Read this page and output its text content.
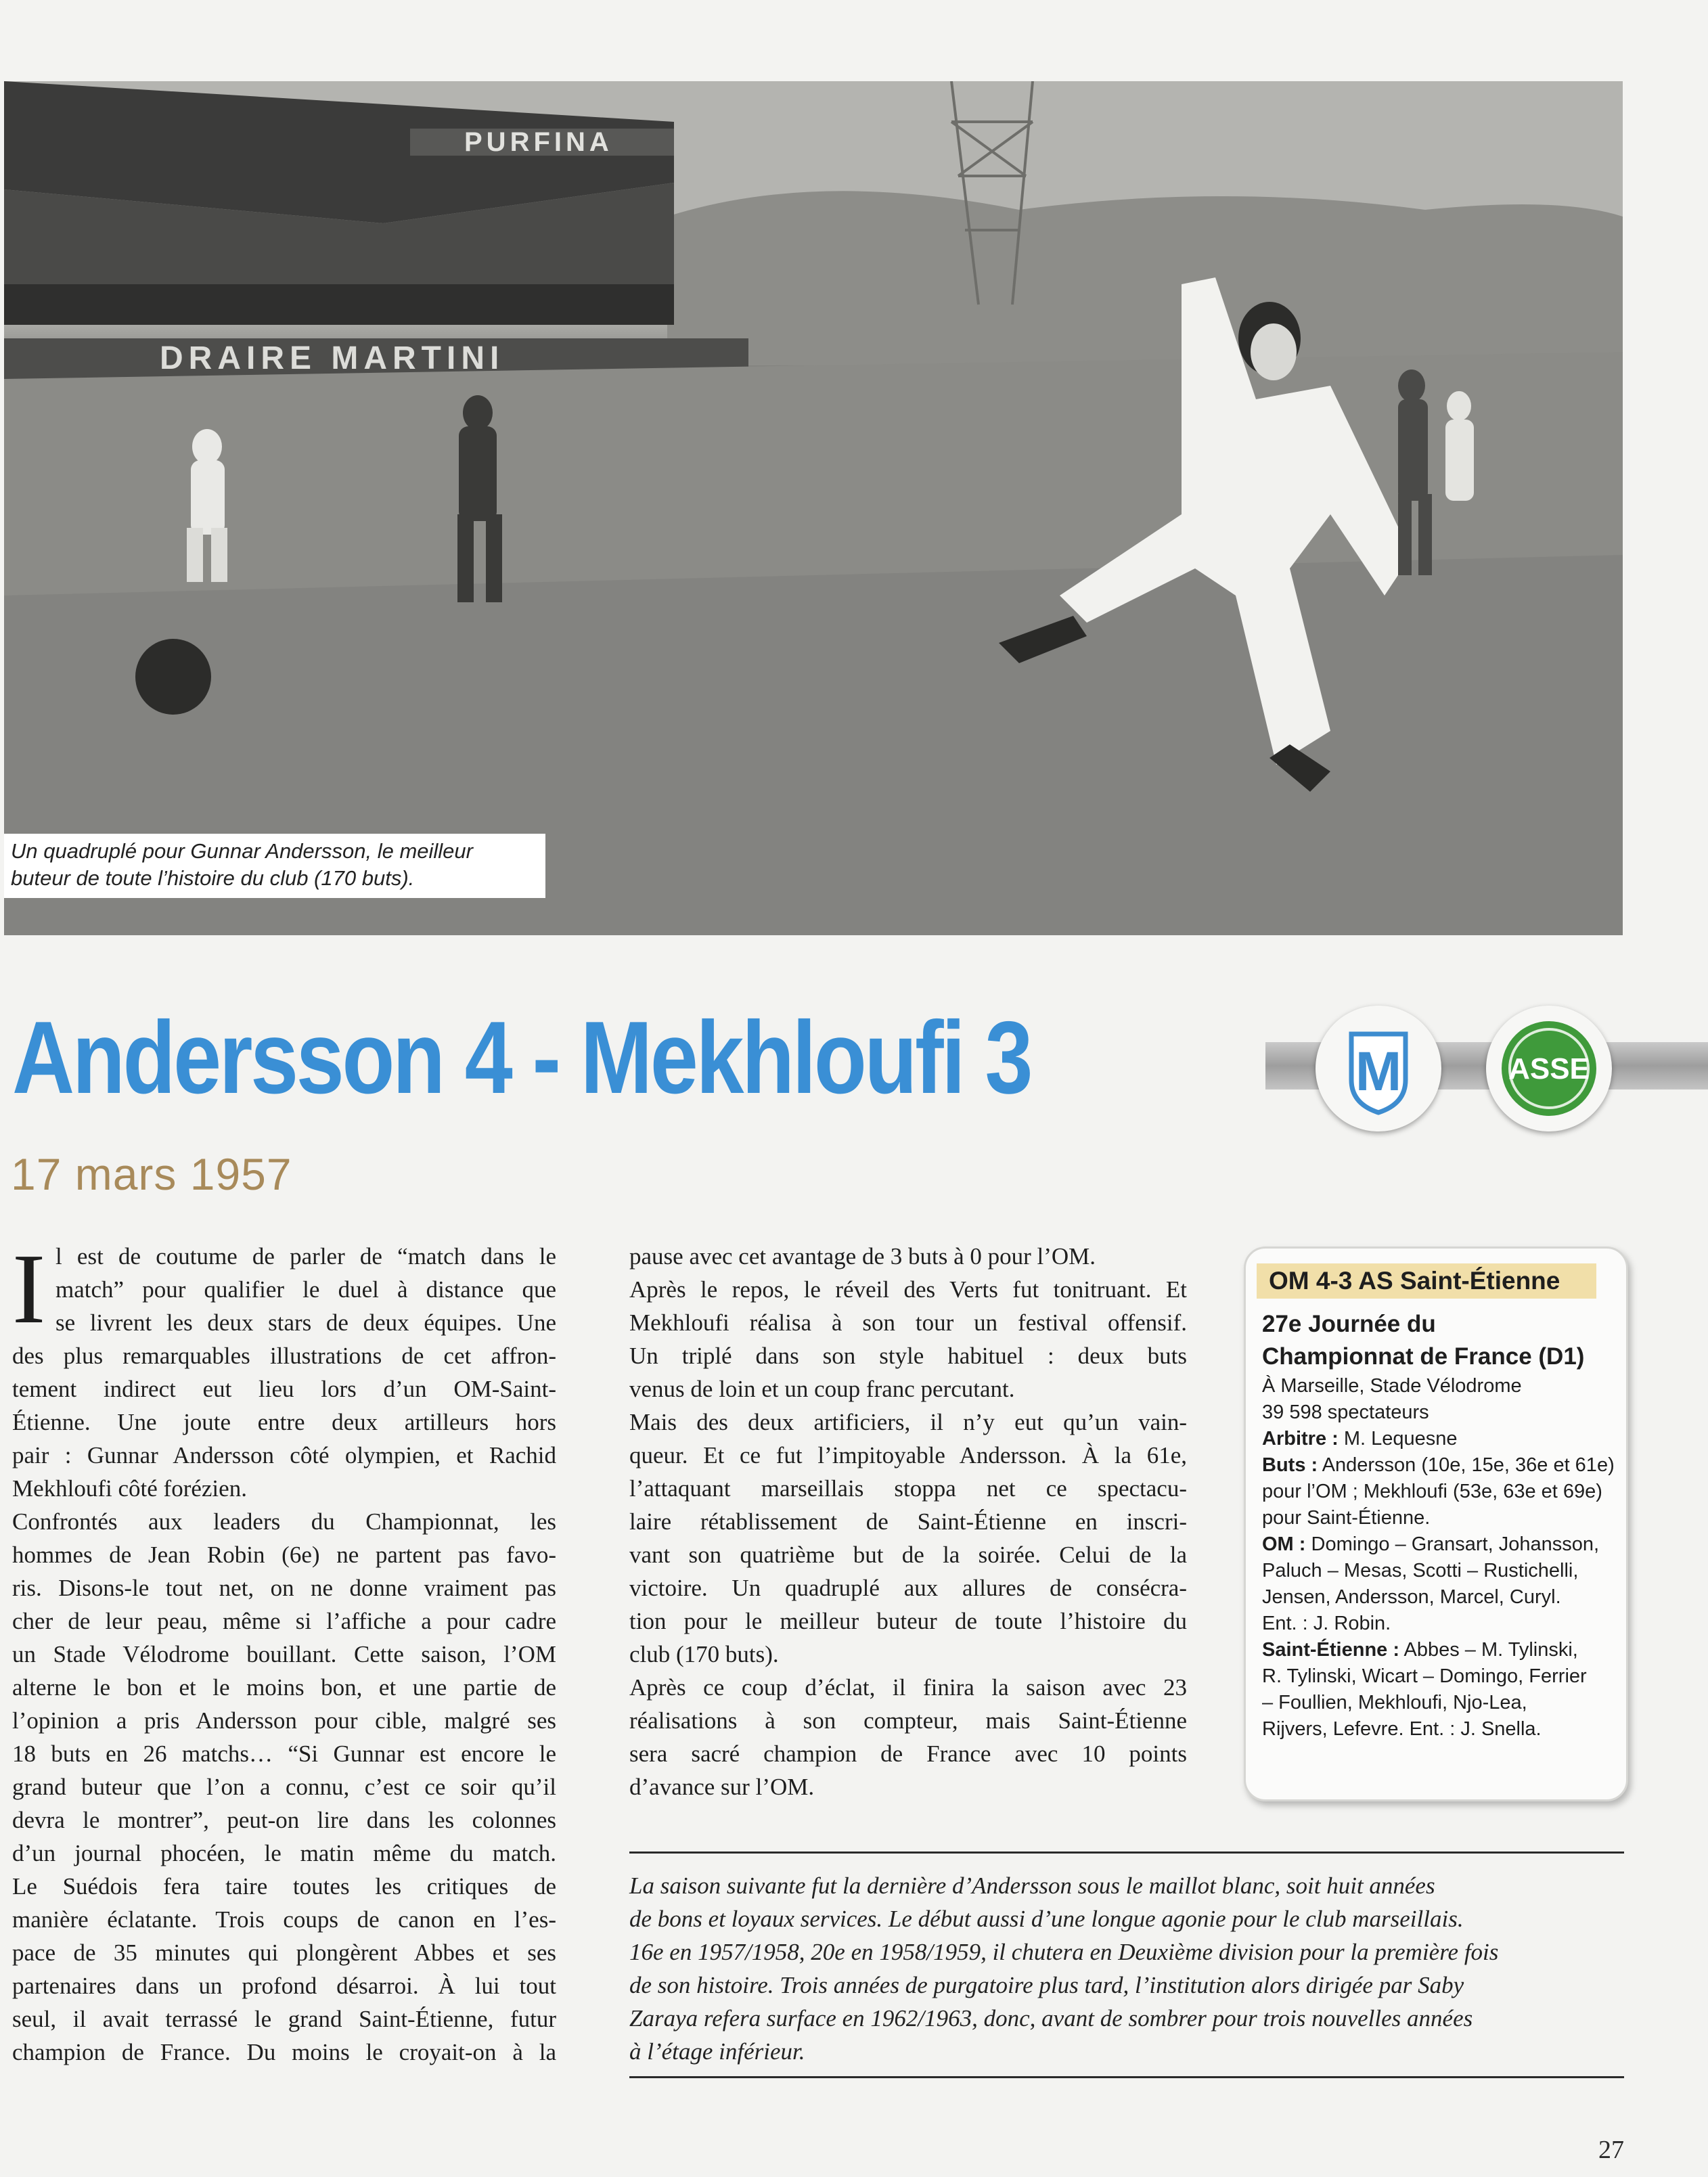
PURFINA
DRAIRE MARTINI
Un quadruplé pour Gunnar Andersson, le meilleur
buteur de toute l’histoire du club (170 buts).
Andersson 4 - Mekhloufi 3
17 mars 1957
M	ASSE
I l est de coutume de parler de “match dans le
match” pour qualifier le duel à distance que
se livrent les deux stars de deux équipes. Une
des plus remarquables illustrations de cet affron-
tement indirect eut lieu lors d’un OM-Saint-
Étienne. Une joute entre deux artilleurs hors
pair : Gunnar Andersson côté olympien, et Rachid
Mekhloufi côté forézien.
Confrontés aux leaders du Championnat, les
hommes de Jean Robin (6e) ne partent pas favo-
ris. Disons-le tout net, on ne donne vraiment pas
cher de leur peau, même si l’affiche a pour cadre
un Stade Vélodrome bouillant. Cette saison, l’OM
alterne le bon et le moins bon, et une partie de
l’opinion a pris Andersson pour cible, malgré ses
18 buts en 26 matchs… “Si Gunnar est encore le
grand buteur que l’on a connu, c’est ce soir qu’il
devra le montrer”, peut-on lire dans les colonnes
d’un journal phocéen, le matin même du match.
Le Suédois fera taire toutes les critiques de
manière éclatante. Trois coups de canon en l’es-
pace de 35 minutes qui plongèrent Abbes et ses
partenaires dans un profond désarroi. À lui tout
seul, il avait terrassé le grand Saint-Étienne, futur
champion de France. Du moins le croyait-on à la
pause avec cet avantage de 3 buts à 0 pour l’OM.
Après le repos, le réveil des Verts fut tonitruant. Et
Mekhloufi réalisa à son tour un festival offensif.
Un triplé dans son style habituel : deux buts
venus de loin et un coup franc percutant.
Mais des deux artificiers, il n’y eut qu’un vain-
queur. Et ce fut l’impitoyable Andersson. À la 61e,
l’attaquant marseillais stoppa net ce spectacu-
laire rétablissement de Saint-Étienne en inscri-
vant son quatrième but de la soirée. Celui de la
victoire. Un quadruplé aux allures de consécra-
tion pour le meilleur buteur de toute l’histoire du
club (170 buts).
Après ce coup d’éclat, il finira la saison avec 23
réalisations à son compteur, mais Saint-Étienne
sera sacré champion de France avec 10 points
d’avance sur l’OM.
OM 4-3 AS Saint-Étienne
27e Journée du
Championnat de France (D1)
À Marseille, Stade Vélodrome
39 598 spectateurs
Arbitre : M. Lequesne
Buts : Andersson (10e, 15e, 36e et 61e)
pour l’OM ; Mekhloufi (53e, 63e et 69e)
pour Saint-Étienne.
OM : Domingo – Gransart, Johansson,
Paluch – Mesas, Scotti – Rustichelli,
Jensen, Andersson, Marcel, Curyl.
Ent. : J. Robin.
Saint-Étienne : Abbes – M. Tylinski,
R. Tylinski, Wicart – Domingo, Ferrier
– Foullien, Mekhloufi, Njo-Lea,
Rijvers, Lefevre. Ent. : J. Snella.
La saison suivante fut la dernière d’Andersson sous le maillot blanc, soit huit années
de bons et loyaux services. Le début aussi d’une longue agonie pour le club marseillais.
16e en 1957/1958, 20e en 1958/1959, il chutera en Deuxième division pour la première fois
de son histoire. Trois années de purgatoire plus tard, l’institution alors dirigée par Saby
Zaraya refera surface en 1962/1963, donc, avant de sombrer pour trois nouvelles années
à l’étage inférieur.
27
